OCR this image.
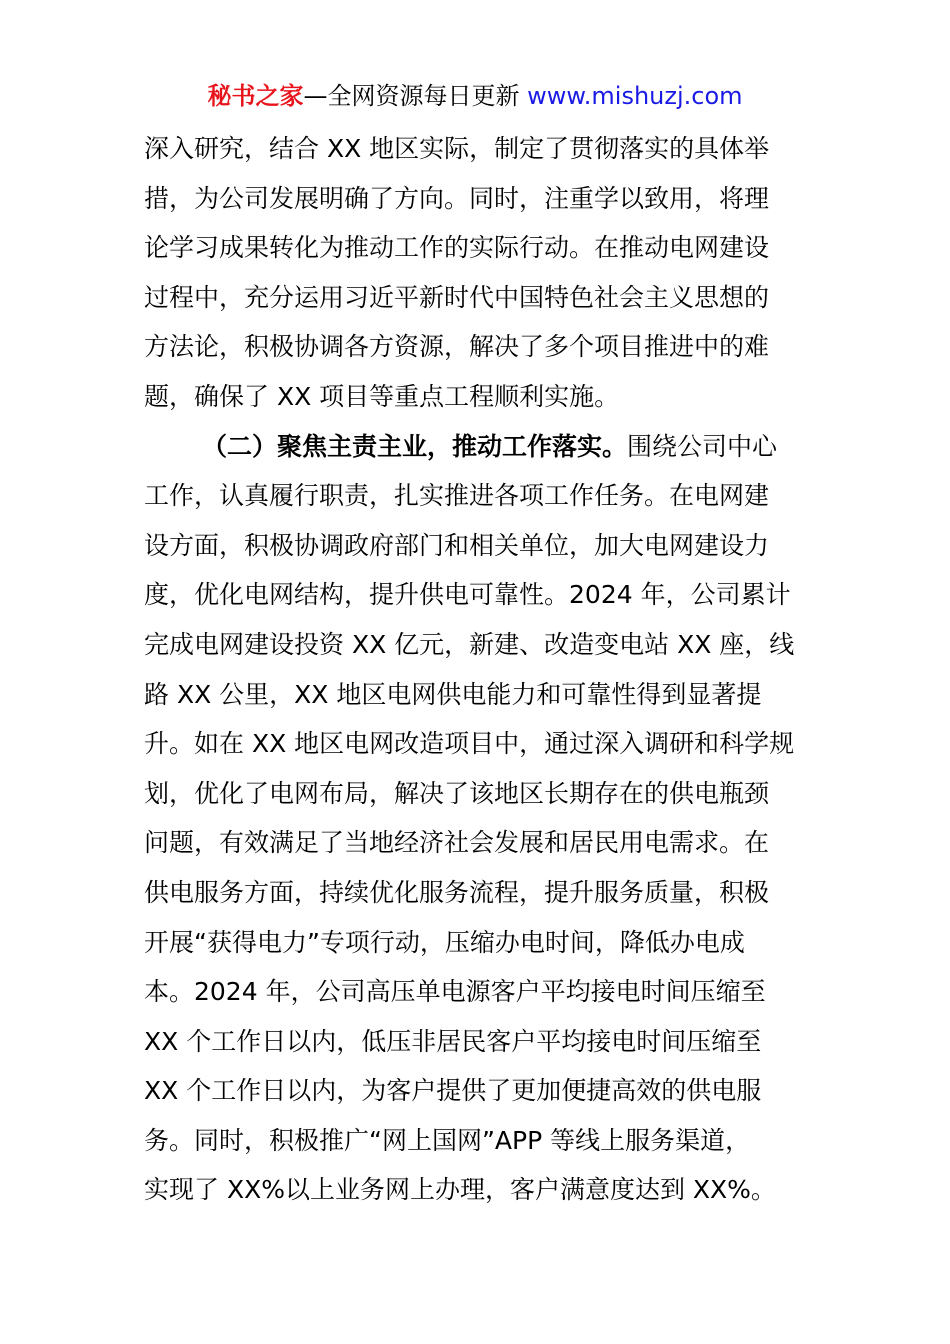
秘书之家—全网资源每日更新 www.mishuzj.com
深入研究，结合 XX 地区实际，制定了贯彻落实的具体举
措，为公司发展明确了方向。同时，注重学以致用，将理
论学习成果转化为推动工作的实际行动。在推动电网建设
过程中，充分运用习近平新时代中国特色社会主义思想的
方法论，积极协调各方资源，解决了多个项目推进中的难
题，确保了 XX 项目等重点工程顺利实施。
（二）聚焦主责主业，推动工作落实。围绕公司中心
工作，认真履行职责，扎实推进各项工作任务。在电网建
设方面，积极协调政府部门和相关单位，加大电网建设力
度，优化电网结构，提升供电可靠性。2024 年，公司累计
完成电网建设投资 XX 亿元，新建、改造变电站 XX 座，线
路 XX 公里，XX 地区电网供电能力和可靠性得到显著提
升。如在 XX 地区电网改造项目中，通过深入调研和科学规
划，优化了电网布局，解决了该地区长期存在的供电瓶颈
问题，有效满足了当地经济社会发展和居民用电需求。在
供电服务方面，持续优化服务流程，提升服务质量，积极
开展“获得电力”专项行动，压缩办电时间，降低办电成
本。2024 年，公司高压单电源客户平均接电时间压缩至
XX 个工作日以内，低压非居民客户平均接电时间压缩至
XX 个工作日以内，为客户提供了更加便捷高效的供电服
务。同时，积极推广“网上国网”APP 等线上服务渠道，
实现了 XX%以上业务网上办理，客户满意度达到 XX%。
